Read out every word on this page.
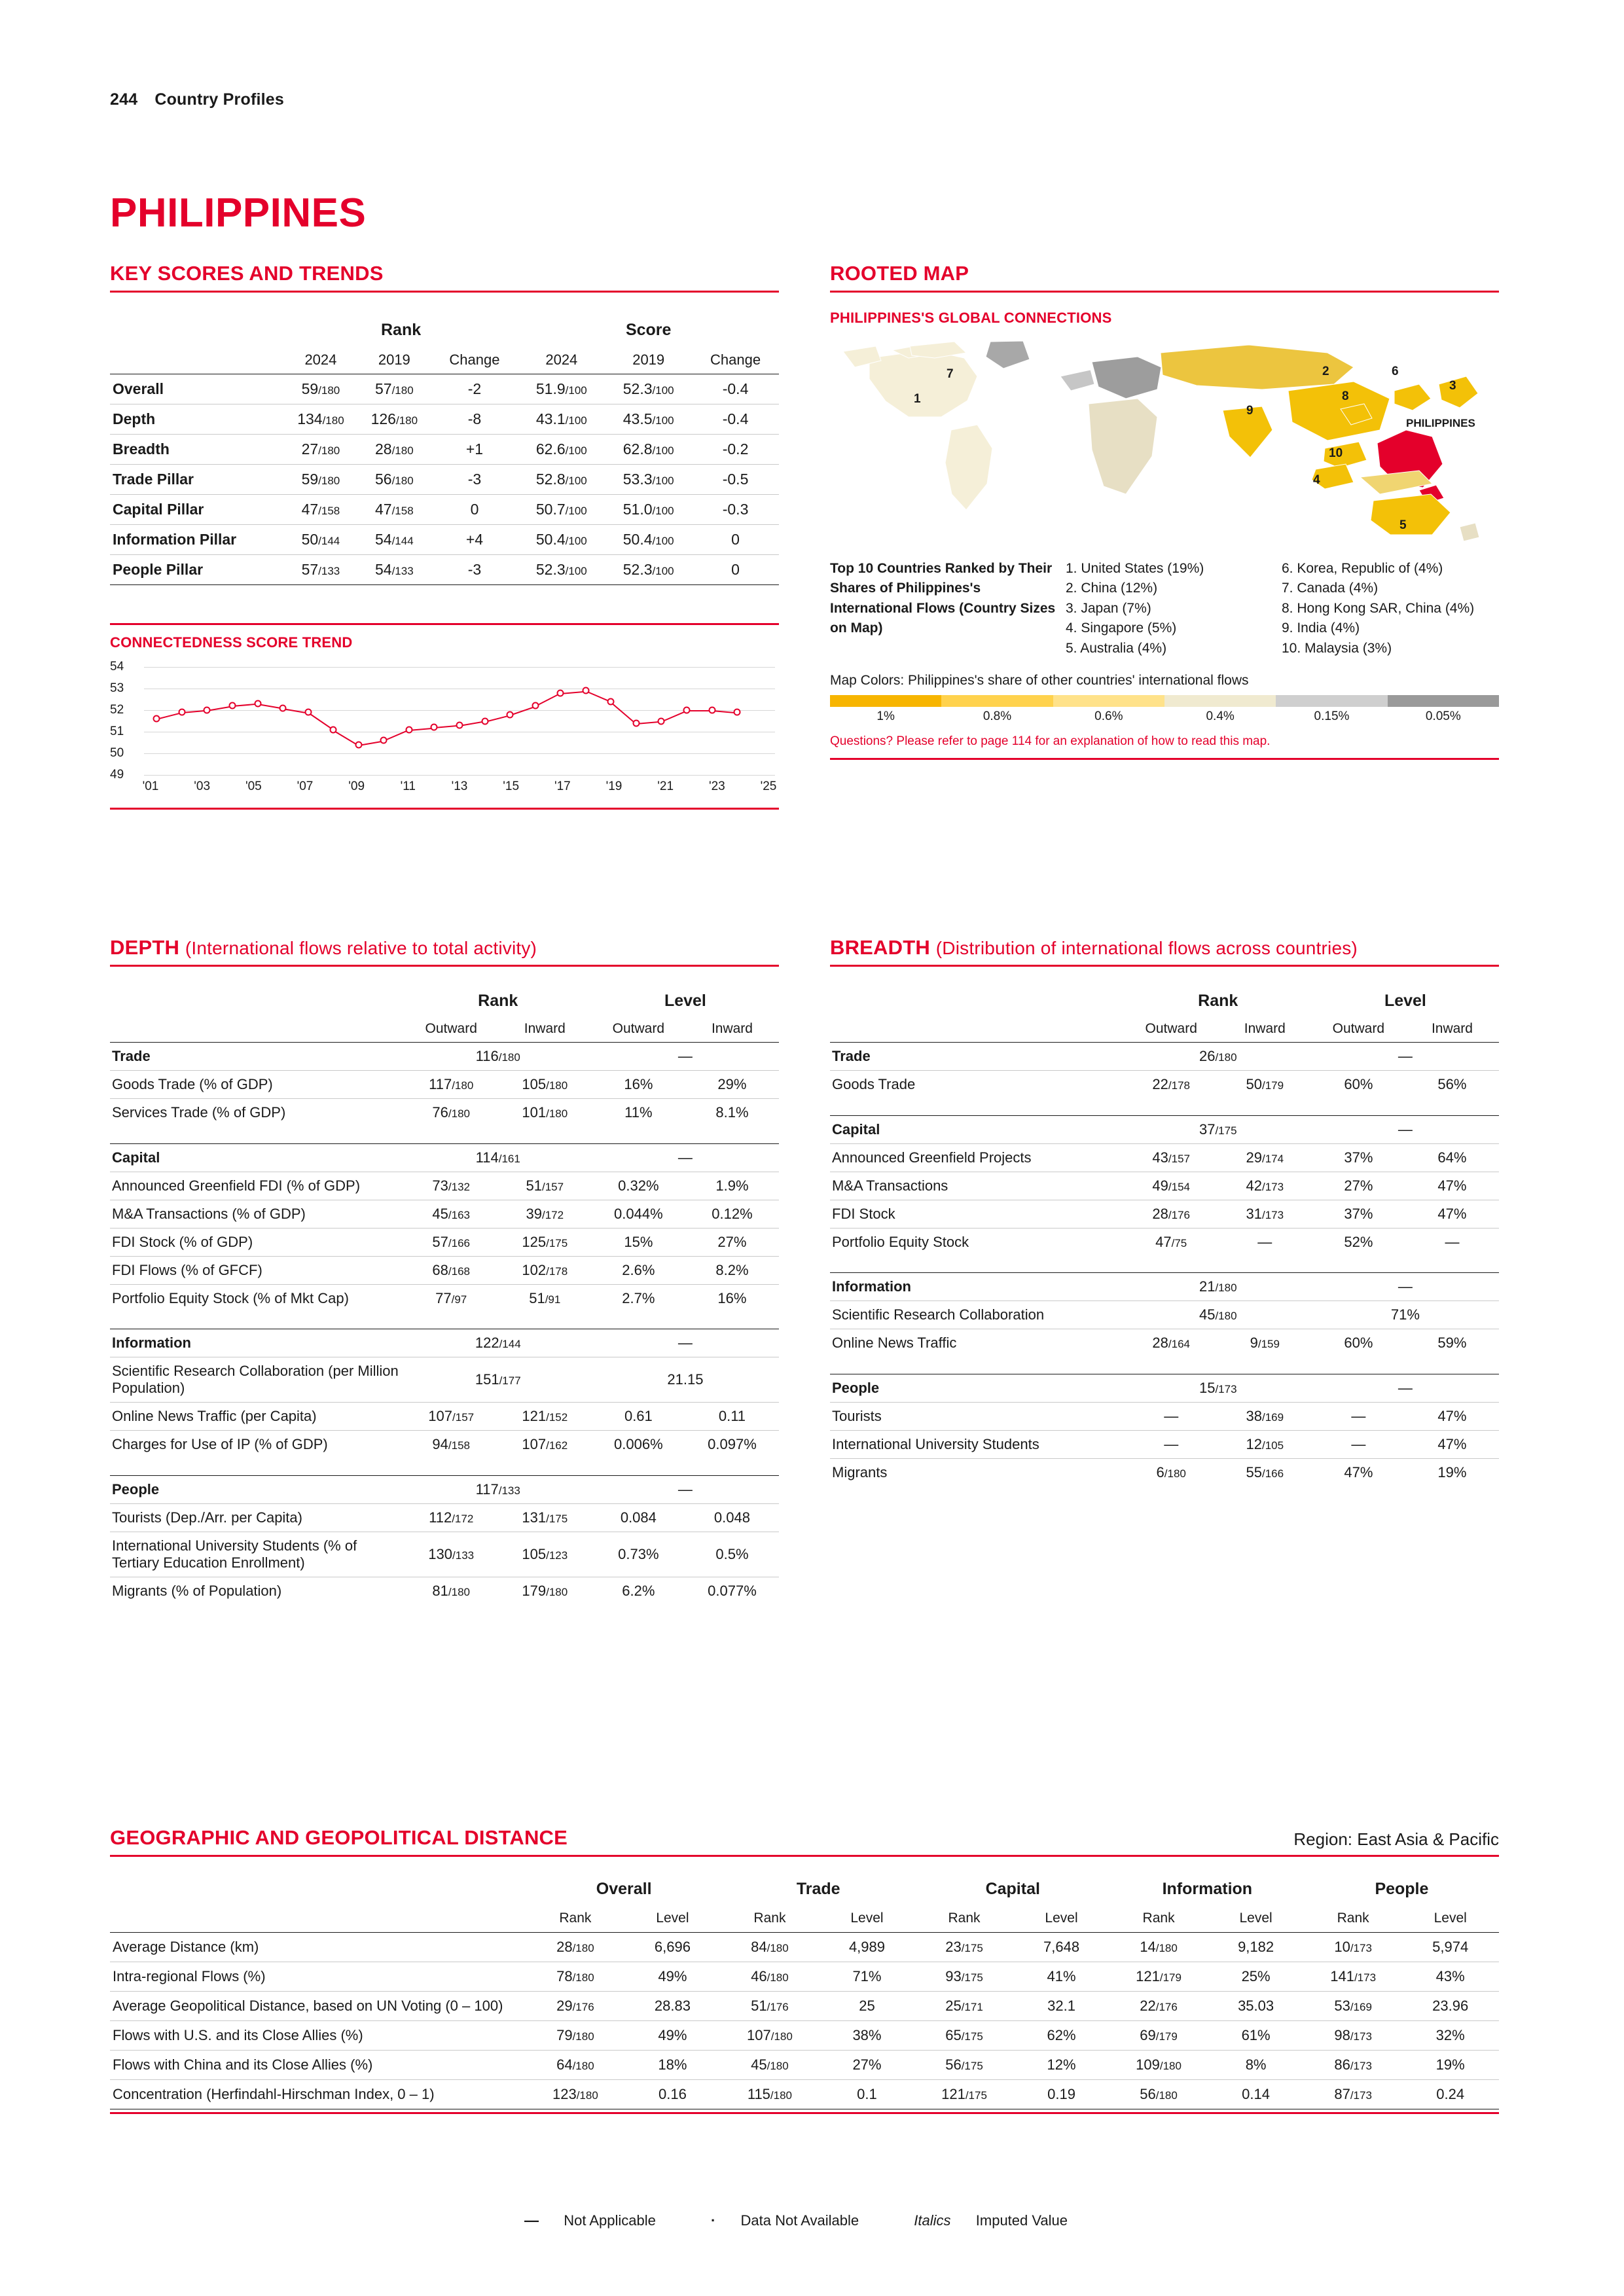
244 Country Profiles
PHILIPPINES
KEY SCORES AND TRENDS
	Rank			Score		
	2024	2019	Change	2024	2019	Change
Overall	59/180	57/180	-2	51.9/100	52.3/100	-0.4
Depth	134/180	126/180	-8	43.1/100	43.5/100	-0.4
Breadth	27/180	28/180	+1	62.6/100	62.8/100	-0.2
Trade Pillar	59/180	56/180	-3	52.8/100	53.3/100	-0.5
Capital Pillar	47/158	47/158	0	50.7/100	51.0/100	-0.3
Information Pillar	50/144	54/144	+4	50.4/100	50.4/100	0
People Pillar	57/133	54/133	-3	52.3/100	52.3/100	0
CONNECTEDNESS SCORE TREND
54
53
52
51
50
49
'01	'03	'05	'07	'09	'11	'13	'15	'17	'19	'21	'23	'25
ROOTED MAP
PHILIPPINES'S GLOBAL CONNECTIONS
7
1
2	6
3
8
9
10
4
5
PHILIPPINES
Top 10 Countries Ranked by Their Shares of Philippines's International Flows (Country Sizes on Map)
1. United States (19%)
2. China (12%)
3. Japan (7%)
4. Singapore (5%)
5. Australia (4%)
6. Korea, Republic of (4%)
7. Canada (4%)
8. Hong Kong SAR, China (4%)
9. India (4%)
10. Malaysia (3%)
Map Colors: Philippines's share of other countries' international flows
1%	0.8%	0.6%	0.4%	0.15%	0.05%
Questions? Please refer to page 114 for an explanation of how to read this map.
DEPTH (International flows relative to total activity)
	Rank		Level	
	Outward	Inward	Outward	Inward
Trade	116/180		—	
Goods Trade (% of GDP)	117/180	105/180	16%	29%
Services Trade (% of GDP)	76/180	101/180	11%	8.1%

Capital	114/161		—	
Announced Greenfield FDI (% of GDP)	73/132	51/157	0.32%	1.9%
M&A Transactions (% of GDP)	45/163	39/172	0.044%	0.12%
FDI Stock (% of GDP)	57/166	125/175	15%	27%
FDI Flows (% of GFCF)	68/168	102/178	2.6%	8.2%
Portfolio Equity Stock (% of Mkt Cap)	77/97	51/91	2.7%	16%

Information	122/144		—	
Scientific Research Collaboration (per Million Population)	151/177		21.15	
Online News Traffic (per Capita)	107/157	121/152	0.61	0.11
Charges for Use of IP (% of GDP)	94/158	107/162	0.006%	0.097%

People	117/133		—	
Tourists (Dep./Arr. per Capita)	112/172	131/175	0.084	0.048
International University Students (% of Tertiary Education Enrollment)	130/133	105/123	0.73%	0.5%
Migrants (% of Population)	81/180	179/180	6.2%	0.077%
BREADTH (Distribution of international flows across countries)
	Rank		Level	
	Outward	Inward	Outward	Inward
Trade	26/180		—	
Goods Trade	22/178	50/179	60%	56%

Capital	37/175		—	
Announced Greenfield Projects	43/157	29/174	37%	64%
M&A Transactions	49/154	42/173	27%	47%
FDI Stock	28/176	31/173	37%	47%
Portfolio Equity Stock	47/75	—	52%	—

Information	21/180		—	
Scientific Research Collaboration	45/180		71%	
Online News Traffic	28/164	9/159	60%	59%

People	15/173		—	
Tourists	—	38/169	—	47%
International University Students	—	12/105	—	47%
Migrants	6/180	55/166	47%	19%
GEOGRAPHIC AND GEOPOLITICAL DISTANCE	Region: East Asia & Pacific
	Overall		Trade		Capital		Information		People	
	Rank	Level	Rank	Level	Rank	Level	Rank	Level	Rank	Level
Average Distance (km)	28/180	6,696	84/180	4,989	23/175	7,648	14/180	9,182	10/173	5,974
Intra-regional Flows (%)	78/180	49%	46/180	71%	93/175	41%	121/179	25%	141/173	43%
Average Geopolitical Distance, based on UN Voting (0 – 100)	29/176	28.83	51/176	25	25/171	32.1	22/176	35.03	53/169	23.96
Flows with U.S. and its Close Allies (%)	79/180	49%	107/180	38%	65/175	62%	69/179	61%	98/173	32%
Flows with China and its Close Allies (%)	64/180	18%	45/180	27%	56/175	12%	109/180	8%	86/173	19%
Concentration (Herfindahl-Hirschman Index, 0 – 1)	123/180	0.16	115/180	0.1	121/175	0.19	56/180	0.14	87/173	0.24
— Not Applicable	· Data Not Available	Italics Imputed Value
